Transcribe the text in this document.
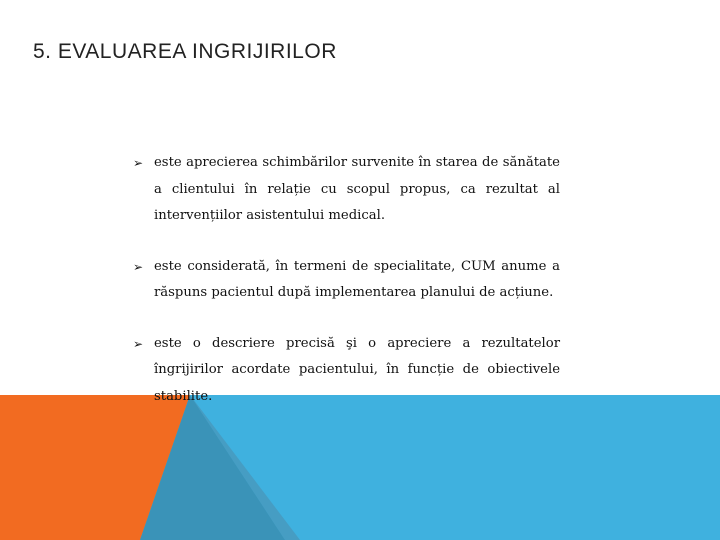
5. EVALUAREA INGRIJIRILOR
➢ este aprecierea schimbărilor survenite în starea de sănătate a clientului în relație cu scopul propus, ca rezultat al intervențiilor asistentului medical.
➢ este considerată, în termeni de specialitate, CUM anume a răspuns pacientul după implementarea planului de acțiune.
➢ este o descriere precisă şi o apreciere a rezultatelor îngrijirilor acordate pacientului, în funcție de obiectivele stabilite.
